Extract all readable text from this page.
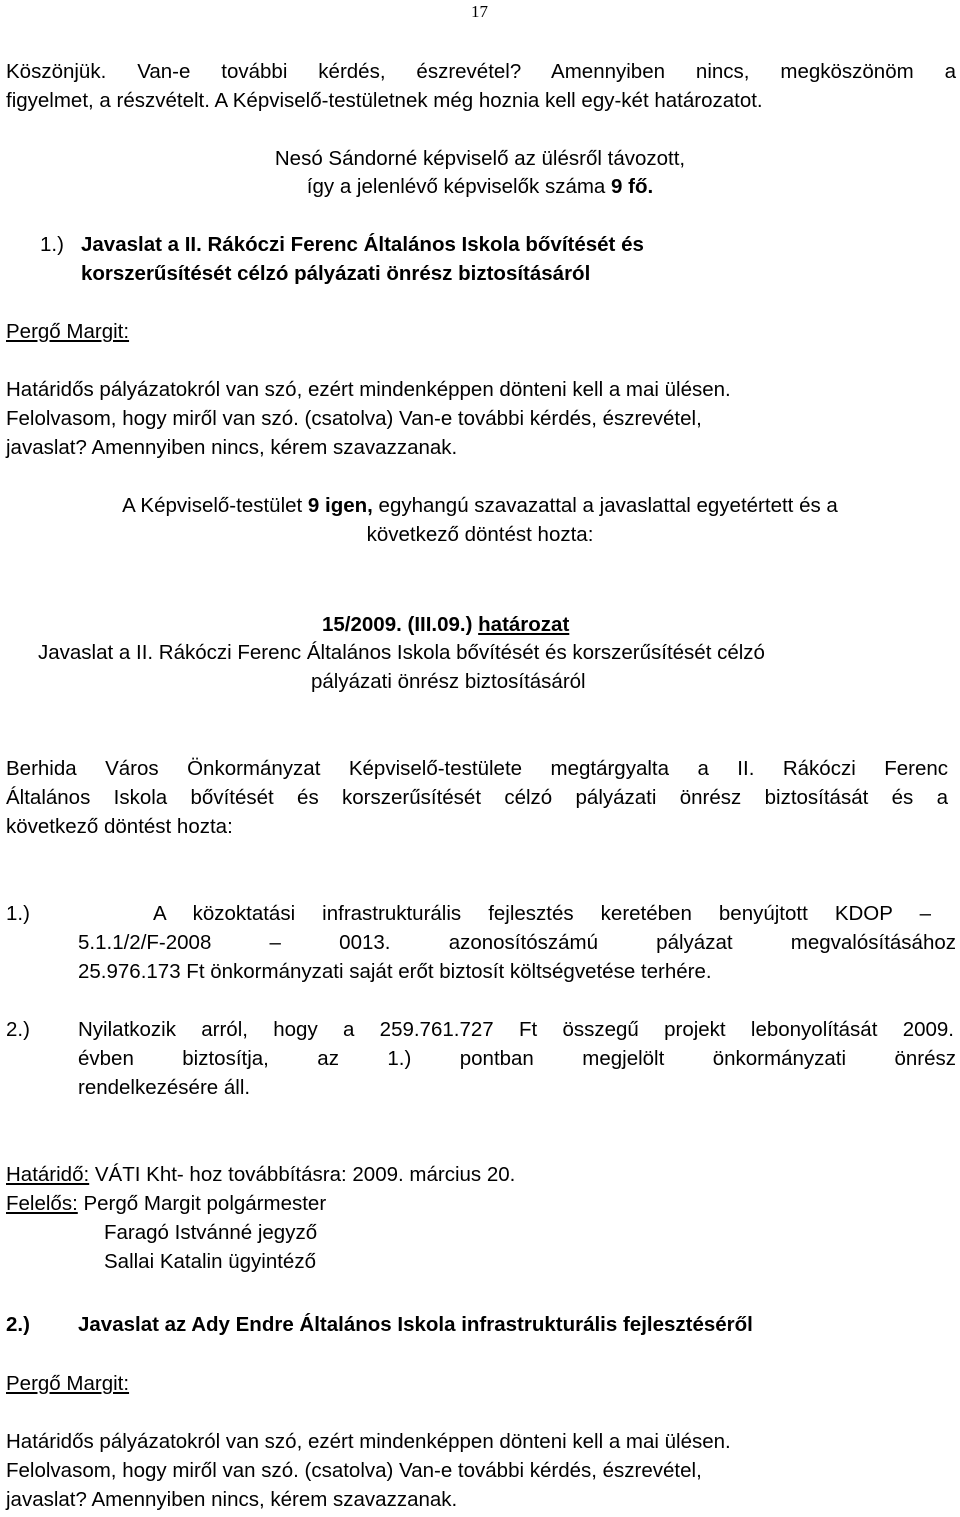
17
Köszönjük. Van-e további kérdés, észrevétel? Amennyiben nincs, megköszönöm a
figyelmet, a részvételt. A Képviselő-testületnek még hoznia kell egy-két határozatot.
Nesó Sándorné képviselő az ülésről távozott,
így a jelenlévő képviselők száma 9 fő.
1.) Javaslat a II. Rákóczi Ferenc Általános Iskola bővítését és
korszerűsítését célzó pályázati önrész biztosításáról
Pergő Margit:
Határidős pályázatokról van szó, ezért mindenképpen dönteni kell a mai ülésen.
Felolvasom, hogy miről van szó. (csatolva) Van-e további kérdés, észrevétel,
javaslat? Amennyiben nincs, kérem szavazzanak.
A Képviselő-testület 9 igen, egyhangú szavazattal a javaslattal egyetértett és a
következő döntést hozta:
15/2009. (III.09.) határozat
Javaslat a II. Rákóczi Ferenc Általános Iskola bővítését és korszerűsítését célzó
pályázati önrész biztosításáról
Berhida Város Önkormányzat Képviselő-testülete megtárgyalta a II. Rákóczi Ferenc
Általános Iskola bővítését és korszerűsítését célzó pályázati önrész biztosítását és a
következő döntést hozta:
1.)	A közoktatási infrastrukturális fejlesztés keretében benyújtott KDOP –
5.1.1/2/F-2008 – 0013. azonosítószámú pályázat megvalósításához
25.976.173 Ft önkormányzati saját erőt biztosít költségvetése terhére.
2.) Nyilatkozik arról, hogy a 259.761.727 Ft összegű projekt lebonyolítását 2009.
évben biztosítja, az 1.) pontban megjelölt önkormányzati önrész
rendelkezésére áll.
Határidő: VÁTI Kht- hoz továbbításra: 2009. március 20.
Felelős: Pergő Margit polgármester
Faragó Istvánné jegyző
Sallai Katalin ügyintéző
2.) Javaslat az Ady Endre Általános Iskola infrastrukturális fejlesztéséről
Pergő Margit:
Határidős pályázatokról van szó, ezért mindenképpen dönteni kell a mai ülésen.
Felolvasom, hogy miről van szó. (csatolva) Van-e további kérdés, észrevétel,
javaslat? Amennyiben nincs, kérem szavazzanak.
